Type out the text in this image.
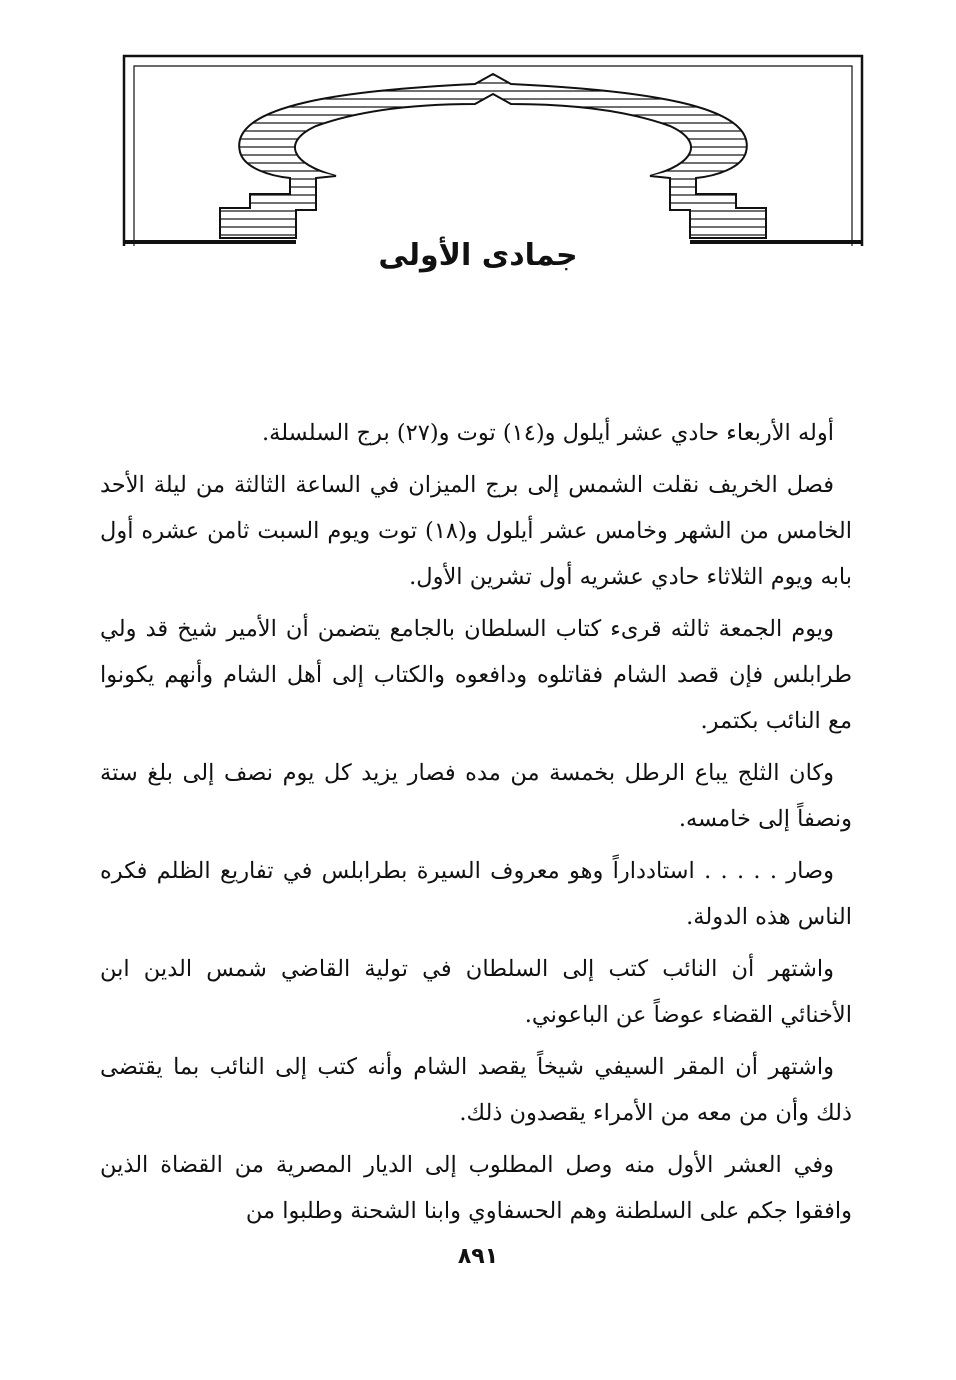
جمادى الأولى

أوله الأربعاء حادي عشر أيلول و(١٤) توت و(٢٧) برج السلسلة.

فصل الخريف نقلت الشمس إلى برج الميزان في الساعة الثالثة من ليلة الأحد الخامس من الشهر وخامس عشر أيلول و(١٨) توت ويوم السبت ثامن عشره أول بابه ويوم الثلاثاء حادي عشريه أول تشرين الأول.

ويوم الجمعة ثالثه قرىء كتاب السلطان بالجامع يتضمن أن الأمير شيخ قد ولي طرابلس فإن قصد الشام فقاتلوه ودافعوه والكتاب إلى أهل الشام وأنهم يكونوا مع النائب بكتمر.

وكان الثلج يباع الرطل بخمسة من مده فصار يزيد كل يوم نصف إلى بلغ ستة ونصفاً إلى خامسه.

وصار . . . . . استادداراً وهو معروف السيرة بطرابلس في تفاريع الظلم فكره الناس هذه الدولة.

واشتهر أن النائب كتب إلى السلطان في تولية القاضي شمس الدين ابن الأخنائي القضاء عوضاً عن الباعوني.

واشتهر أن المقر السيفي شيخاً يقصد الشام وأنه كتب إلى النائب بما يقتضى ذلك وأن من معه من الأمراء يقصدون ذلك.

وفي العشر الأول منه وصل المطلوب إلى الديار المصرية من القضاة الذين وافقوا جكم على السلطنة وهم الحسفاوي وابنا الشحنة وطلبوا من

٨٩١
